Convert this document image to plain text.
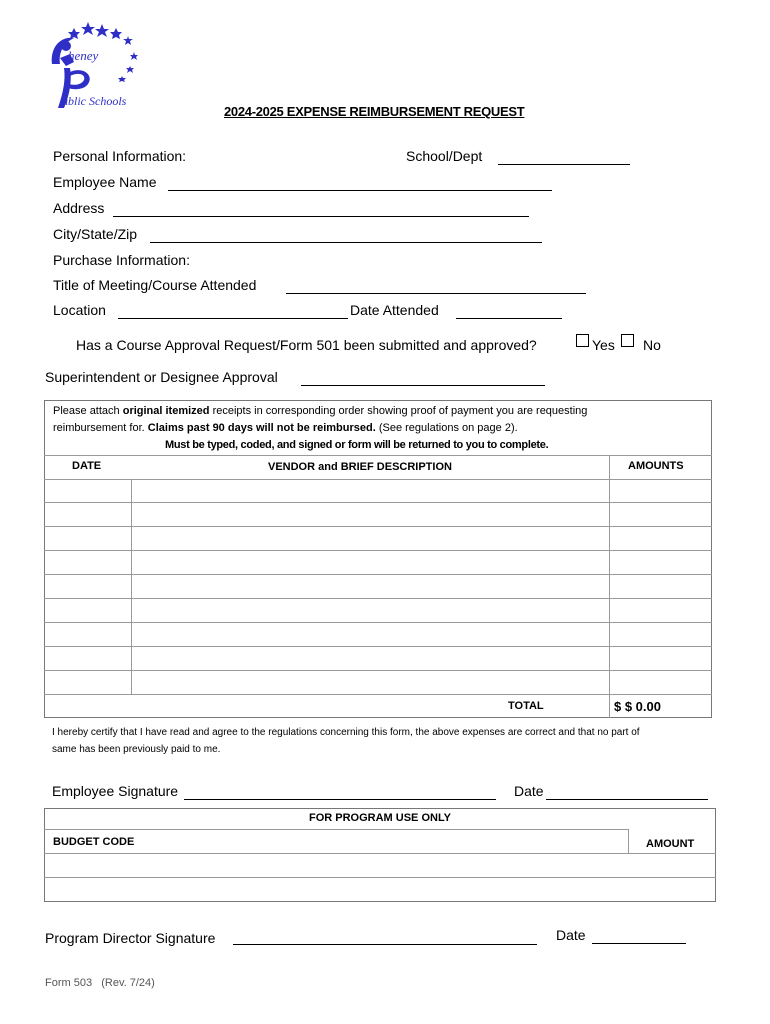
heney
ublic Schools
2024-2025 EXPENSE REIMBURSEMENT REQUEST
Personal Information:	School/Dept
Employee Name
Address
City/State/Zip
Purchase Information:
Title of Meeting/Course Attended
Location	Date Attended
Has a Course Approval Request/Form 501 been submitted and approved?	Yes No
Superintendent or Designee Approval
Please attach original itemized receipts in corresponding order showing proof of payment you are requesting
reimbursement for. Claims past 90 days will not be reimbursed. (See regulations on page 2).
Must be typed, coded, and signed or form will be returned to you to complete.
DATE	VENDOR and BRIEF DESCRIPTION	AMOUNTS
TOTAL	$ $ 0.00
I hereby certify that I have read and agree to the regulations concerning this form, the above expenses are correct and that no part of
same has been previously paid to me.
Employee Signature	Date
FOR PROGRAM USE ONLY
BUDGET CODE	AMOUNT
Program Director Signature	Date
Form 503   (Rev. 7/24)
